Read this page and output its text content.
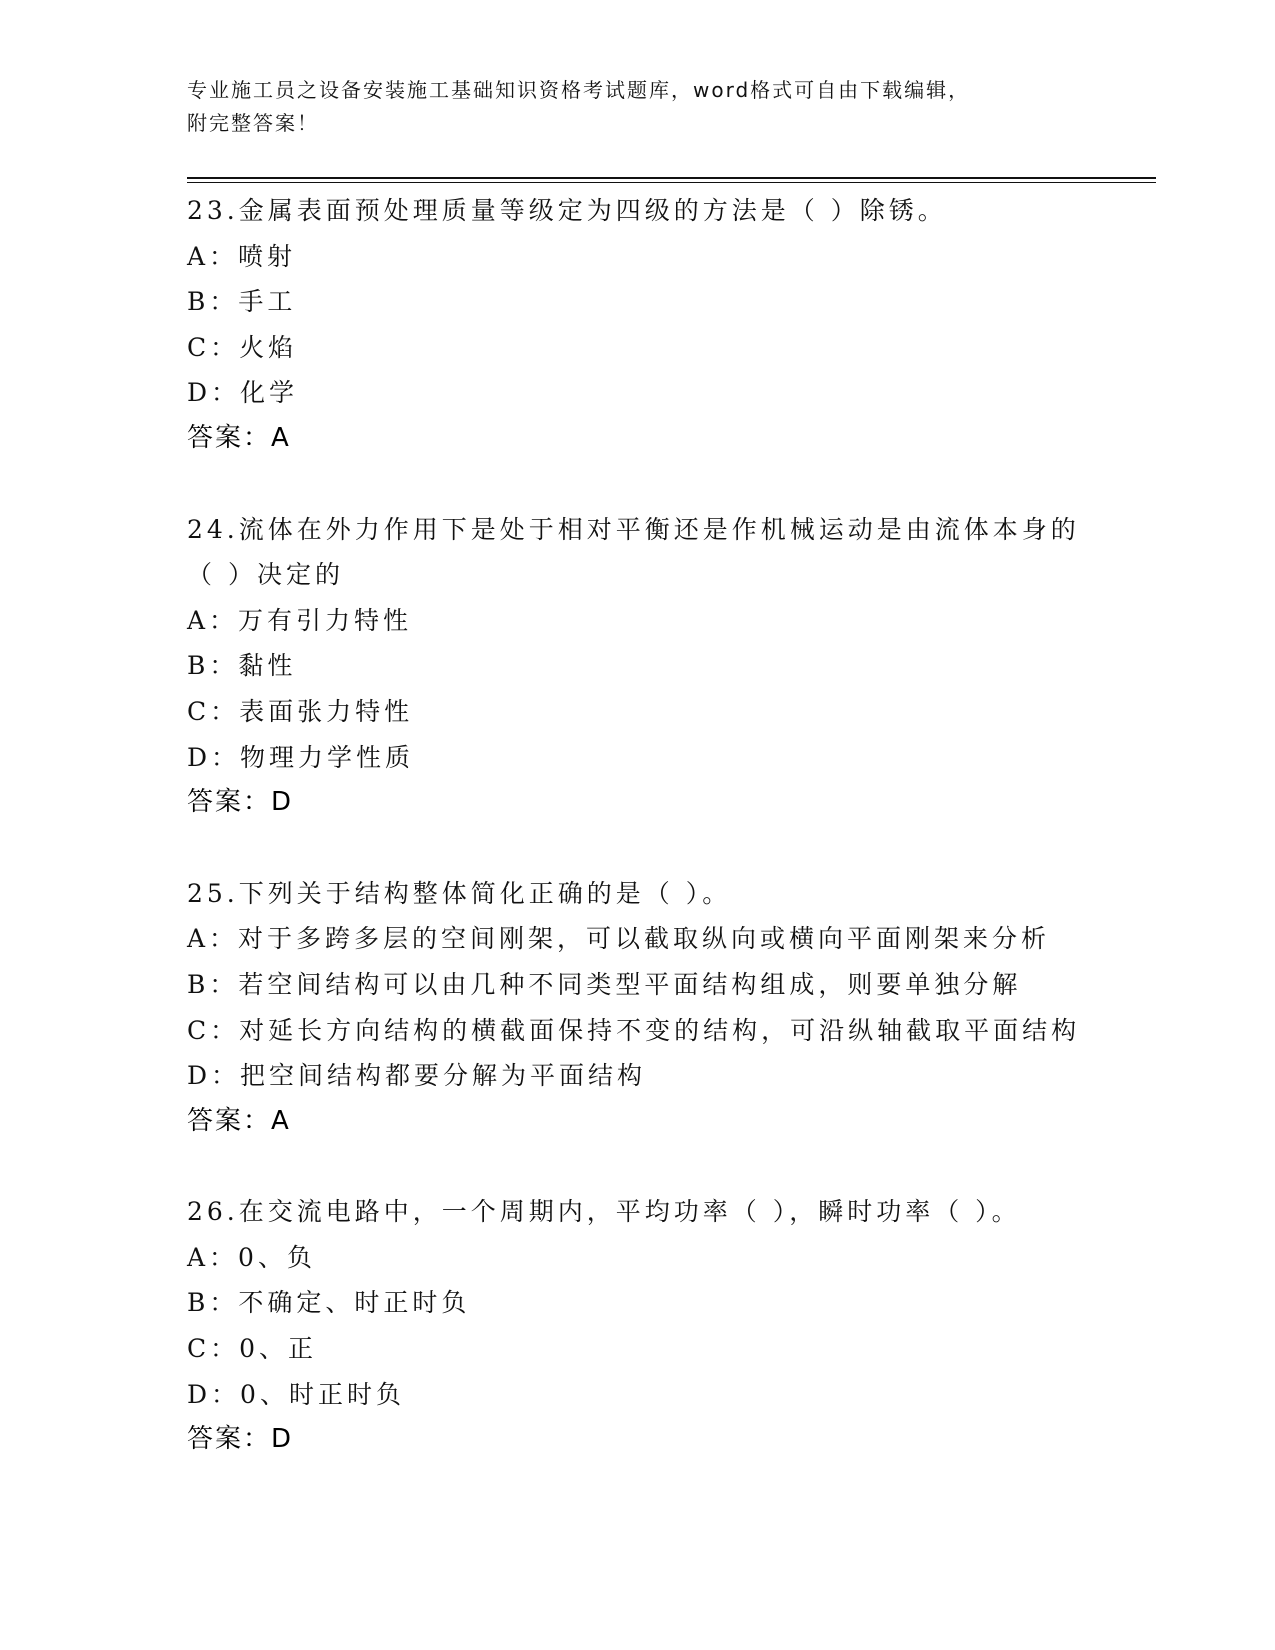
专业施工员之设备安装施工基础知识资格考试题库，word格式可自由下载编辑，
附完整答案！
23.金属表面预处理质量等级定为四级的方法是（ ）除锈。
A：喷射
B：手工
C：火焰
D：化学
答案：A
24.流体在外力作用下是处于相对平衡还是作机械运动是由流体本身的
（ ）决定的
A：万有引力特性
B：黏性
C：表面张力特性
D：物理力学性质
答案：D
25.下列关于结构整体简化正确的是（ ）。
A：对于多跨多层的空间刚架，可以截取纵向或横向平面刚架来分析
B：若空间结构可以由几种不同类型平面结构组成，则要单独分解
C：对延长方向结构的横截面保持不变的结构，可沿纵轴截取平面结构
D：把空间结构都要分解为平面结构
答案：A
26.在交流电路中，一个周期内，平均功率（ ），瞬时功率（ ）。
A：0、负
B：不确定、时正时负
C：0、正
D：0、时正时负
答案：D
